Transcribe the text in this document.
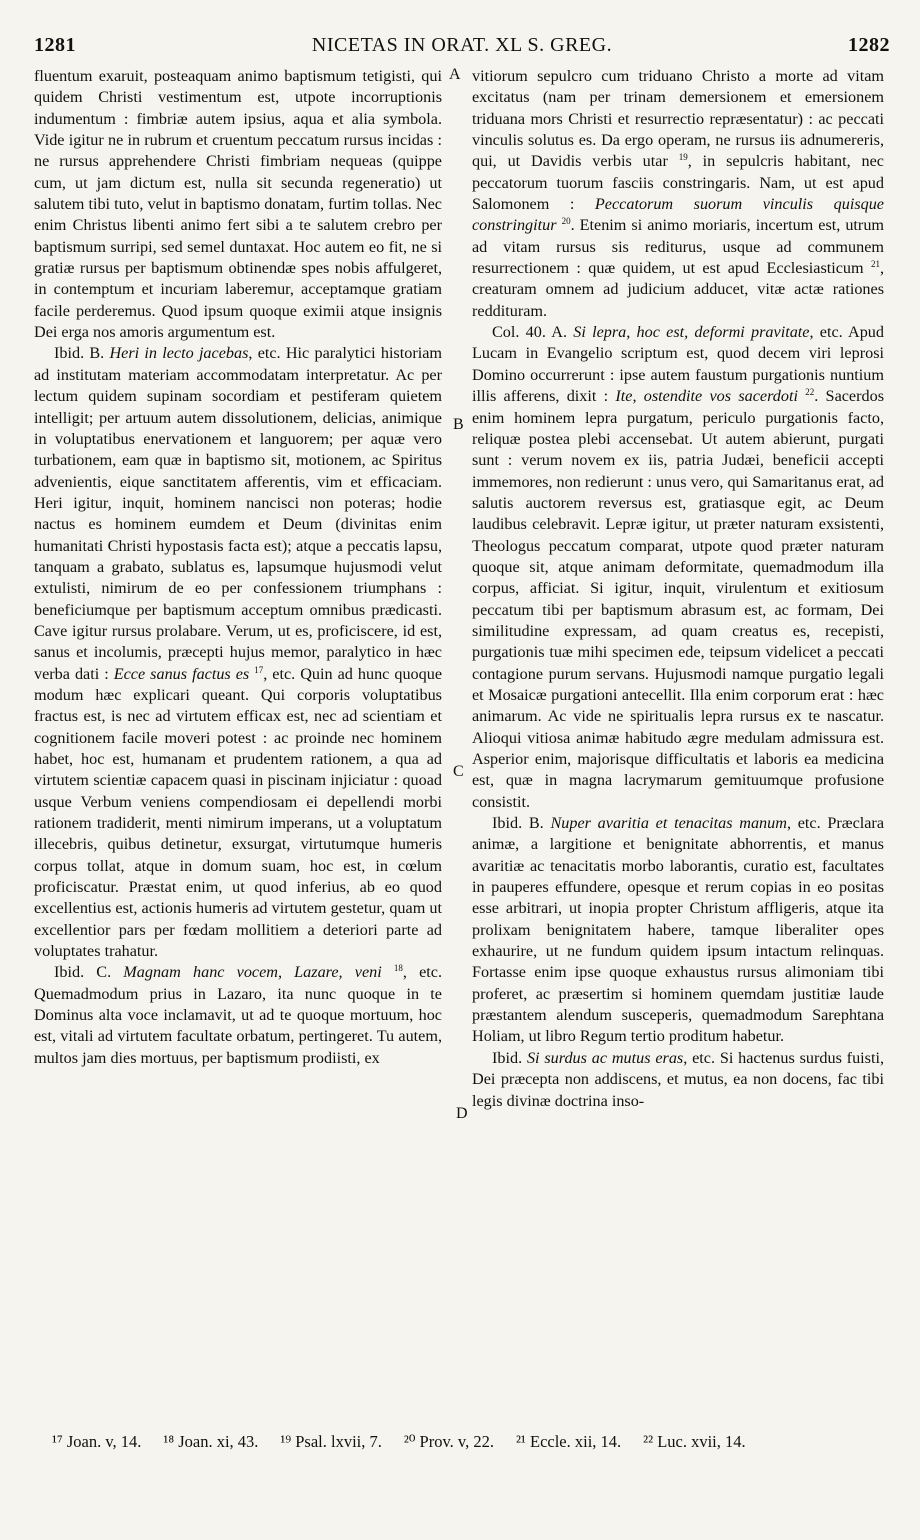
1281	NICETAS IN ORAT. XL S. GREG.	1282

fluentum exaruit, posteaquam animo baptismum tetigisti, qui quidem Christi vestimentum est, utpote incorruptionis indumentum : fimbriæ autem ipsius, aqua et alia symbola. Vide igitur ne in rubrum et cruentum peccatum rursus incidas : ne rursus apprehendere Christi fimbriam nequeas (quippe cum, ut jam dictum est, nulla sit secunda regeneratio) ut salutem tibi tuto, velut in baptismo donatam, furtim tollas. Nec enim Christus libenti animo fert sibi a te salutem crebro per baptismum surripi, sed semel duntaxat. Hoc autem eo fit, ne si gratiæ rursus per baptismum obtinendæ spes nobis affulgeret, in contemptum et incuriam laberemur, acceptamque gratiam facile perderemus. Quod ipsum quoque eximii atque insignis Dei erga nos amoris argumentum est.

Ibid. B. Heri in lecto jacebas, etc. Hic paralytici historiam ad institutam materiam accommodatam interpretatur. Ac per lectum quidem supinam socordiam et pestiferam quietem intelligit; per artuum autem dissolutionem, delicias, animique in voluptatibus enervationem et languorem; per aquæ vero turbationem, eam quæ in baptismo sit, motionem, ac Spiritus advenientis, eique sanctitatem afferentis, vim et efficaciam. Heri igitur, inquit, hominem nancisci non poteras; hodie nactus es hominem eumdem et Deum (divinitas enim humanitati Christi hypostasis facta est); atque a peccatis lapsu, tanquam a grabato, sublatus es, lapsumque hujusmodi velut extulisti, nimirum de eo per confessionem triumphans : beneficiumque per baptismum acceptum omnibus prædicasti. Cave igitur rursus prolabare. Verum, ut es, proficiscere, id est, sanus et incolumis, præcepti hujus memor, paralytico in hæc verba dati : Ecce sanus factus es $^{17}$, etc. Quin ad hunc quoque modum hæc explicari queant. Qui corporis voluptatibus fractus est, is nec ad virtutem efficax est, nec ad scientiam et cognitionem facile moveri potest : ac proinde nec hominem habet, hoc est, humanam et prudentem rationem, a qua ad virtutem scientiæ capacem quasi in piscinam injiciatur : quoad usque Verbum veniens compendiosam ei depellendi morbi rationem tradiderit, menti nimirum imperans, ut a voluptatum illecebris, quibus detinetur, exsurgat, virtutumque humeris corpus tollat, atque in domum suam, hoc est, in cœlum proficiscatur. Præstat enim, ut quod inferius, ab eo quod excellentius est, actionis humeris ad virtutem gestetur, quam ut excellentior pars per fœdam mollitiem a deteriori parte ad voluptates trahatur.

Ibid. C. Magnam hanc vocem, Lazare, veni $^{18}$, etc. Quemadmodum prius in Lazaro, ita nunc quoque in te Dominus alta voce inclamavit, ut ad te quoque mortuum, hoc est, vitali ad virtutem facultate orbatum, pertingeret. Tu autem, multos jam dies mortuus, per baptismum prodiisti, ex

vitiorum sepulcro cum triduano Christo a morte ad vitam excitatus (nam per trinam demersionem et emersionem triduana mors Christi et resurrectio repræsentatur) : ac peccati vinculis solutus es. Da ergo operam, ne rursus iis adnumereris, qui, ut Davidis verbis utar $^{19}$, in sepulcris habitant, nec peccatorum tuorum fasciis constringaris. Nam, ut est apud Salomonem : Peccatorum suorum vinculis quisque constringitur $^{20}$. Etenim si animo moriaris, incertum est, utrum ad vitam rursus sis rediturus, usque ad communem resurrectionem : quæ quidem, ut est apud Ecclesiasticum $^{21}$, creaturam omnem ad judicium adducet, vitæ actæ rationes reddituram.

Col. 40. A. Si lepra, hoc est, deformi pravitate, etc. Apud Lucam in Evangelio scriptum est, quod decem viri leprosi Domino occurrerunt : ipse autem faustum purgationis nuntium illis afferens, dixit : Ite, ostendite vos sacerdoti $^{22}$. Sacerdos enim hominem lepra purgatum, periculo purgationis facto, reliquæ postea plebi accensebat. Ut autem abierunt, purgati sunt : verum novem ex iis, patria Judæi, beneficii accepti immemores, non redierunt : unus vero, qui Samaritanus erat, ad salutis auctorem reversus est, gratiasque egit, ac Deum laudibus celebravit. Lepræ igitur, ut præter naturam exsistenti, Theologus peccatum comparat, utpote quod præter naturam quoque sit, atque animam deformitate, quemadmodum illa corpus, afficiat. Si igitur, inquit, virulentum et exitiosum peccatum tibi per baptismum abrasum est, ac formam, Dei similitudine expressam, ad quam creatus es, recepisti, purgationis tuæ mihi specimen ede, teipsum videlicet a peccati contagione purum servans. Hujusmodi namque purgatio legali et Mosaicæ purgationi antecellit. Illa enim corporum erat : hæc animarum. Ac vide ne spiritualis lepra rursus ex te nascatur. Alioqui vitiosa animæ habitudo ægre medulam admissura est. Asperior enim, majorisque difficultatis et laboris ea medicina est, quæ in magna lacrymarum gemituumque profusione consistit.

Ibid. B. Nuper avaritia et tenacitas manum, etc. Præclara animæ, a largitione et benignitate abhorrentis, et manus avaritiæ ac tenacitatis morbo laborantis, curatio est, facultates in pauperes effundere, opesque et rerum copias in eo positas esse arbitrari, ut inopia propter Christum affligeris, atque ita prolixam benignitatem habere, tamque liberaliter opes exhaurire, ut ne fundum quidem ipsum intactum relinquas. Fortasse enim ipse quoque exhaustus rursus alimoniam tibi proferet, ac præsertim si hominem quemdam justitiæ laude præstantem alendum susceperis, quemadmodum Sarephtana Holiam, ut libro Regum tertio proditum habetur.

Ibid. Si surdus ac mutus eras, etc. Si hactenus surdus fuisti, Dei præcepta non addiscens, et mutus, ea non docens, fac tibi legis divinæ doctrina inso-

A
B
C
D
¹⁷ Joan. v, 14. ¹⁸ Joan. xi, 43. ¹⁹ Psal. lxvii, 7. ²⁰ Prov. v, 22. ²¹ Eccle. xii, 14. ²² Luc. xvii, 14.
